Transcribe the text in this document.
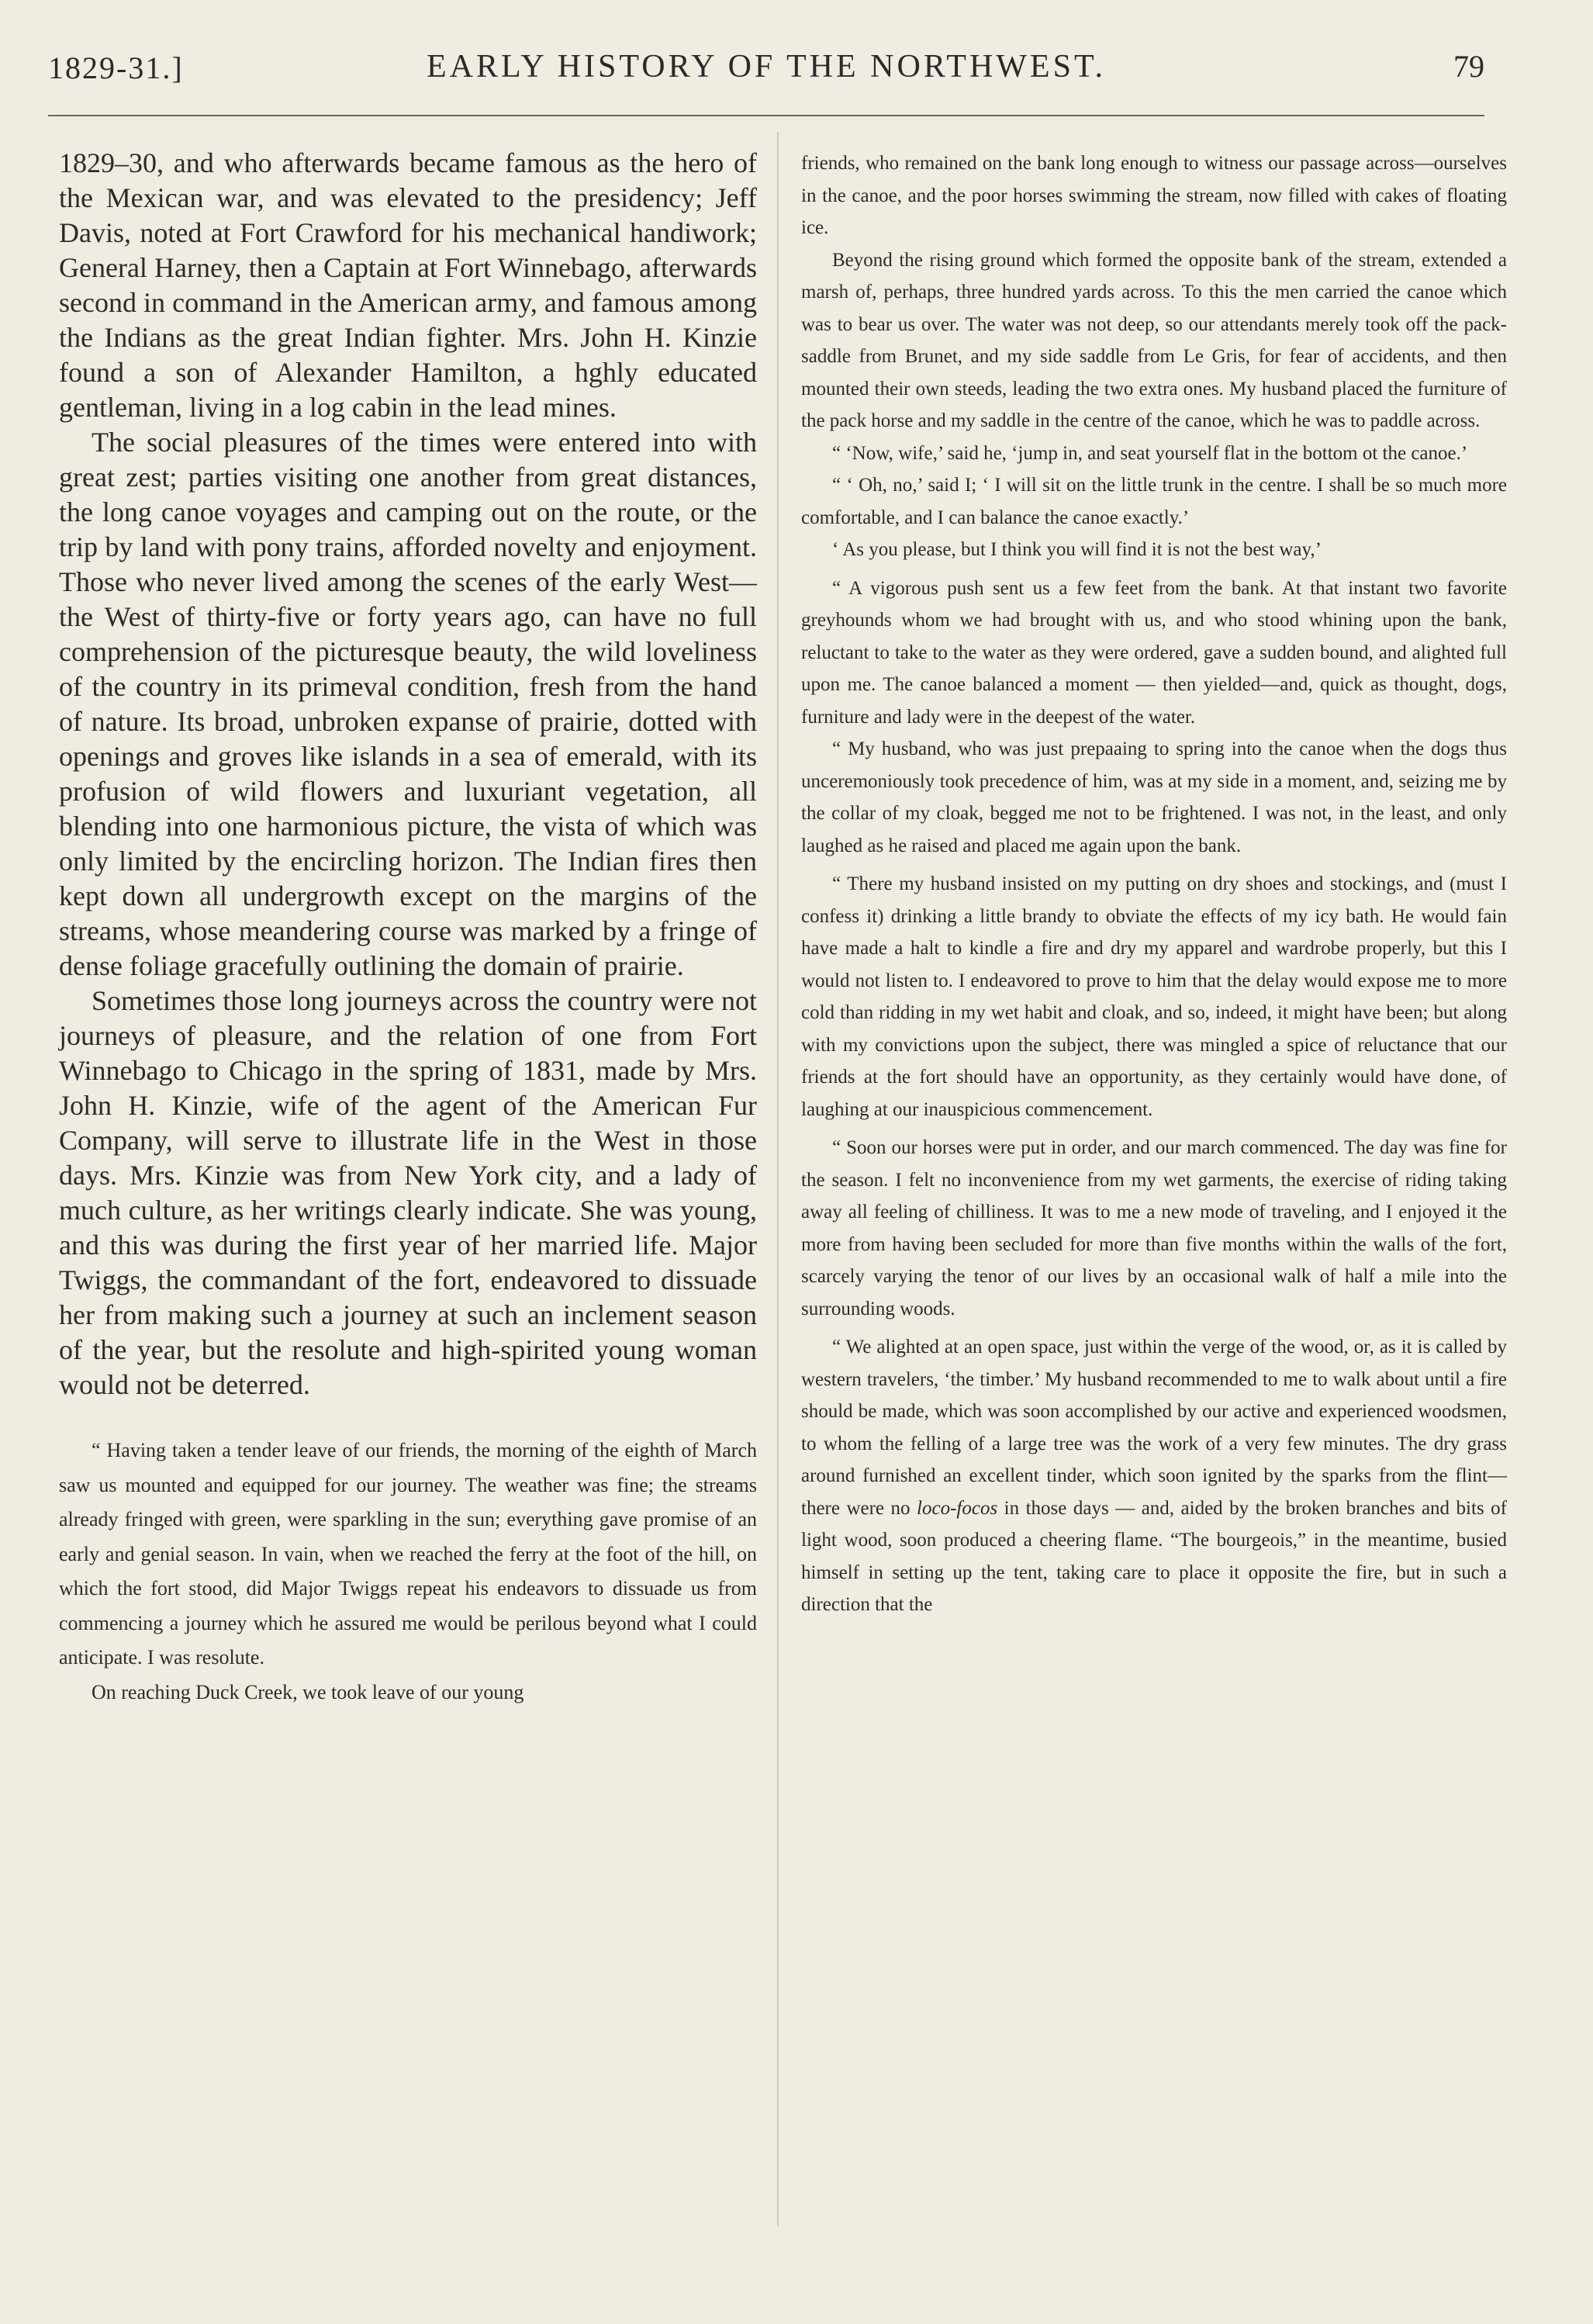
1829-31.]	EARLY HISTORY OF THE NORTHWEST.	79

1829–30, and who afterwards became famous as the hero of the Mexican war, and was elevated to the presidency; Jeff Davis, noted at Fort Crawford for his mechanical handiwork; General Harney, then a Captain at Fort Winnebago, afterwards second in command in the American army, and famous among the Indians as the great Indian fighter. Mrs. John H. Kinzie found a son of Alexander Hamilton, a hghly educated gentleman, living in a log cabin in the lead mines.

The social pleasures of the times were entered into with great zest; parties visiting one another from great distances, the long canoe voyages and camping out on the route, or the trip by land with pony trains, afforded novelty and enjoyment. Those who never lived among the scenes of the early West—the West of thirty-five or forty years ago, can have no full comprehension of the picturesque beauty, the wild loveliness of the country in its primeval condition, fresh from the hand of nature. Its broad, unbroken expanse of prairie, dotted with openings and groves like islands in a sea of emerald, with its profusion of wild flowers and luxuriant vegetation, all blending into one harmonious picture, the vista of which was only limited by the encircling horizon. The Indian fires then kept down all undergrowth except on the margins of the streams, whose meandering course was marked by a fringe of dense foliage gracefully outlining the domain of prairie.

Sometimes those long journeys across the country were not journeys of pleasure, and the relation of one from Fort Winnebago to Chicago in the spring of 1831, made by Mrs. John H. Kinzie, wife of the agent of the American Fur Company, will serve to illustrate life in the West in those days. Mrs. Kinzie was from New York city, and a lady of much culture, as her writings clearly indicate. She was young, and this was during the first year of her married life. Major Twiggs, the commandant of the fort, endeavored to dissuade her from making such a journey at such an inclement season of the year, but the resolute and high-spirited young woman would not be deterred.

“ Having taken a tender leave of our friends, the morning of the eighth of March saw us mounted and equipped for our journey. The weather was fine; the streams already fringed with green, were sparkling in the sun; everything gave promise of an early and genial season. In vain, when we reached the ferry at the foot of the hill, on which the fort stood, did Major Twiggs repeat his endeavors to dissuade us from commencing a journey which he assured me would be perilous beyond what I could anticipate. I was resolute.

On reaching Duck Creek, we took leave of our young

friends, who remained on the bank long enough to witness our passage across—ourselves in the canoe, and the poor horses swimming the stream, now filled with cakes of floating ice.

Beyond the rising ground which formed the opposite bank of the stream, extended a marsh of, perhaps, three hundred yards across. To this the men carried the canoe which was to bear us over. The water was not deep, so our attendants merely took off the pack-saddle from Brunet, and my side saddle from Le Gris, for fear of accidents, and then mounted their own steeds, leading the two extra ones. My husband placed the furniture of the pack horse and my saddle in the centre of the canoe, which he was to paddle across.

“ ‘Now, wife,’ said he, ‘jump in, and seat yourself flat in the bottom ot the canoe.’

“ ‘ Oh, no,’ said I; ‘ I will sit on the little trunk in the centre. I shall be so much more comfortable, and I can balance the canoe exactly.’

‘ As you please, but I think you will find it is not the best way,’

“ A vigorous push sent us a few feet from the bank. At that instant two favorite greyhounds whom we had brought with us, and who stood whining upon the bank, reluctant to take to the water as they were ordered, gave a sudden bound, and alighted full upon me. The canoe balanced a moment — then yielded—and, quick as thought, dogs, furniture and lady were in the deepest of the water.

“ My husband, who was just prepaaing to spring into the canoe when the dogs thus unceremoniously took precedence of him, was at my side in a moment, and, seizing me by the collar of my cloak, begged me not to be frightened. I was not, in the least, and only laughed as he raised and placed me again upon the bank.

“ There my husband insisted on my putting on dry shoes and stockings, and (must I confess it) drinking a little brandy to obviate the effects of my icy bath. He would fain have made a halt to kindle a fire and dry my apparel and wardrobe properly, but this I would not listen to. I endeavored to prove to him that the delay would expose me to more cold than ridding in my wet habit and cloak, and so, indeed, it might have been; but along with my convictions upon the subject, there was mingled a spice of reluctance that our friends at the fort should have an opportunity, as they certainly would have done, of laughing at our inauspicious commencement.

“ Soon our horses were put in order, and our march commenced. The day was fine for the season. I felt no inconvenience from my wet garments, the exercise of riding taking away all feeling of chilliness. It was to me a new mode of traveling, and I enjoyed it the more from having been secluded for more than five months within the walls of the fort, scarcely varying the tenor of our lives by an occasional walk of half a mile into the surrounding woods.

“ We alighted at an open space, just within the verge of the wood, or, as it is called by western travelers, ‘the timber.’ My husband recommended to me to walk about until a fire should be made, which was soon accomplished by our active and experienced woodsmen, to whom the felling of a large tree was the work of a very few minutes. The dry grass around furnished an excellent tinder, which soon ignited by the sparks from the flint—there were no loco-focos in those days — and, aided by the broken branches and bits of light wood, soon produced a cheering flame. “The bourgeois,” in the meantime, busied himself in setting up the tent, taking care to place it opposite the fire, but in such a direction that the
